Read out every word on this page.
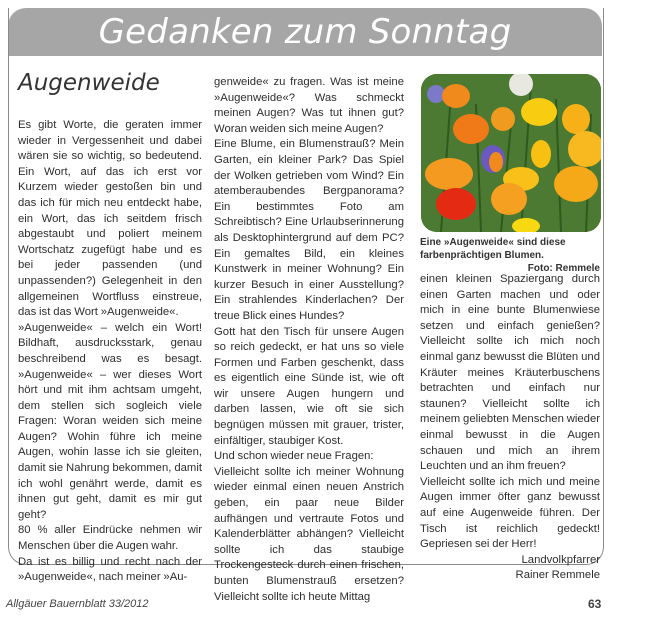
Gedanken zum Sonntag
Augenweide

Es gibt Worte, die geraten immer wieder in Vergessenheit und dabei wären sie so wichtig, so bedeutend. Ein Wort, auf das ich erst vor Kurzem wieder gestoßen bin und das ich für mich neu entdeckt habe, ein Wort, das ich seitdem frisch abgestaubt und poliert meinem Wortschatz zugefügt habe und es bei jeder passenden (und unpassenden?) Gelegenheit in den allgemeinen Wortfluss einstreue, das ist das Wort »Augenweide«.

»Augenweide« – welch ein Wort! Bildhaft, ausdrucksstark, genau beschreibend was es besagt. »Augenweide« – wer dieses Wort hört und mit ihm achtsam umgeht, dem stellen sich sogleich viele Fragen: Woran weiden sich meine Augen? Wohin führe ich meine Augen, wohin lasse ich sie gleiten, damit sie Nahrung bekommen, damit ich wohl genährt werde, damit es ihnen gut geht, damit es mir gut geht?

80 % aller Eindrücke nehmen wir Menschen über die Augen wahr.

Da ist es billig und recht nach der »Augenweide«, nach meiner »Au-

genweide« zu fragen. Was ist meine »Augenweide«? Was schmeckt meinen Augen? Was tut ihnen gut? Woran weiden sich meine Augen?

Eine Blume, ein Blumenstrauß? Mein Garten, ein kleiner Park? Das Spiel der Wolken getrieben vom Wind? Ein atemberaubendes Bergpanorama? Ein bestimmtes Foto am Schreibtisch? Eine Urlaubserinnerung als Desktophintergrund auf dem PC? Ein gemaltes Bild, ein kleines Kunstwerk in meiner Wohnung? Ein kurzer Besuch in einer Ausstellung? Ein strahlendes Kinderlachen? Der treue Blick eines Hundes?

Gott hat den Tisch für unsere Augen so reich gedeckt, er hat uns so viele Formen und Farben geschenkt, dass es eigentlich eine Sünde ist, wie oft wir unsere Augen hungern und darben lassen, wie oft sie sich begnügen müssen mit grauer, trister, einfältiger, staubiger Kost.

Und schon wieder neue Fragen:

Vielleicht sollte ich meiner Wohnung wieder einmal einen neuen Anstrich geben, ein paar neue Bilder aufhängen und vertraute Fotos und Kalenderblätter abhängen? Vielleicht sollte ich das staubige Trockengesteck durch einen frischen, bunten Blumenstrauß ersetzen? Vielleicht sollte ich heute Mittag

Eine »Augenweide« sind diese farbenprächtigen Blumen.
Foto: Remmele

einen kleinen Spaziergang durch einen Garten machen und oder mich in eine bunte Blumenwiese setzen und einfach genießen? Vielleicht sollte ich mich noch einmal ganz bewusst die Blüten und Kräuter meines Kräuterbuschens betrachten und einfach nur staunen? Vielleicht sollte ich meinem geliebten Menschen wieder einmal bewusst in die Augen schauen und mich an ihrem Leuchten und an ihm freuen?

Vielleicht sollte ich mich und meine Augen immer öfter ganz bewusst auf eine Augenweide führen. Der Tisch ist reichlich gedeckt! Gepriesen sei der Herr!

Landvolkpfarrer

Rainer Remmele

Allgäuer Bauernblatt 33/2012	63
